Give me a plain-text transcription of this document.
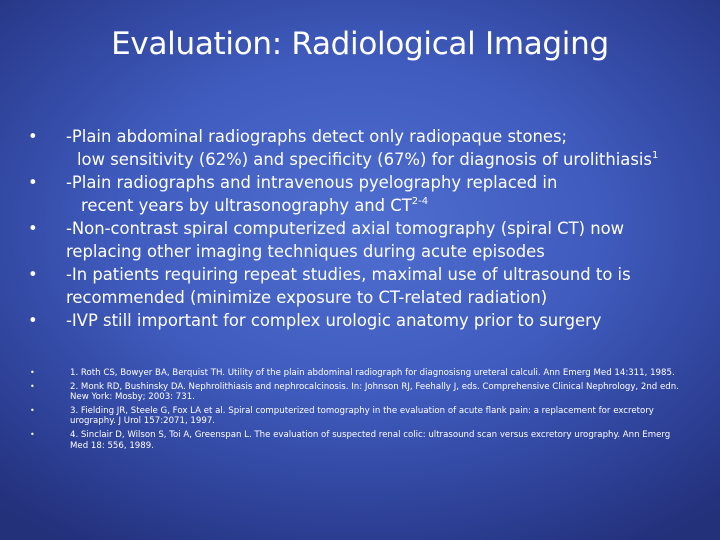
Evaluation: Radiological Imaging
•	-Plain abdominal radiographs detect only radiopaque stones;
low sensitivity (62%) and specificity (67%) for diagnosis of urolithiasis$^1$
•	-Plain radiographs and intravenous pyelography replaced in
recent years by ultrasonography and CT$^{2-4}$
•	-Non-contrast spiral computerized axial tomography (spiral CT) now
replacing other imaging techniques during acute episodes
•	-In patients requiring repeat studies, maximal use of ultrasound to is
recommended (minimize exposure to CT-related radiation)
•	-IVP still important for complex urologic anatomy prior to surgery
•	1. Roth CS, Bowyer BA, Berquist TH. Utility of the plain abdominal radiograph for diagnosisng ureteral calculi. Ann Emerg Med 14:311, 1985.
•	2. Monk RD, Bushinsky DA. Nephrolithiasis and nephrocalcinosis. In: Johnson RJ, Feehally J, eds. Comprehensive Clinical Nephrology, 2nd edn. New York: Mosby; 2003: 731.
•	3. Fielding JR, Steele G, Fox LA et al. Spiral computerized tomography in the evaluation of acute flank pain: a replacement for excretory urography. J Urol 157:2071, 1997.
•	4. Sinclair D, Wilson S, Toi A, Greenspan L. The evaluation of suspected renal colic: ultrasound scan versus excretory urography. Ann Emerg Med 18: 556, 1989.
